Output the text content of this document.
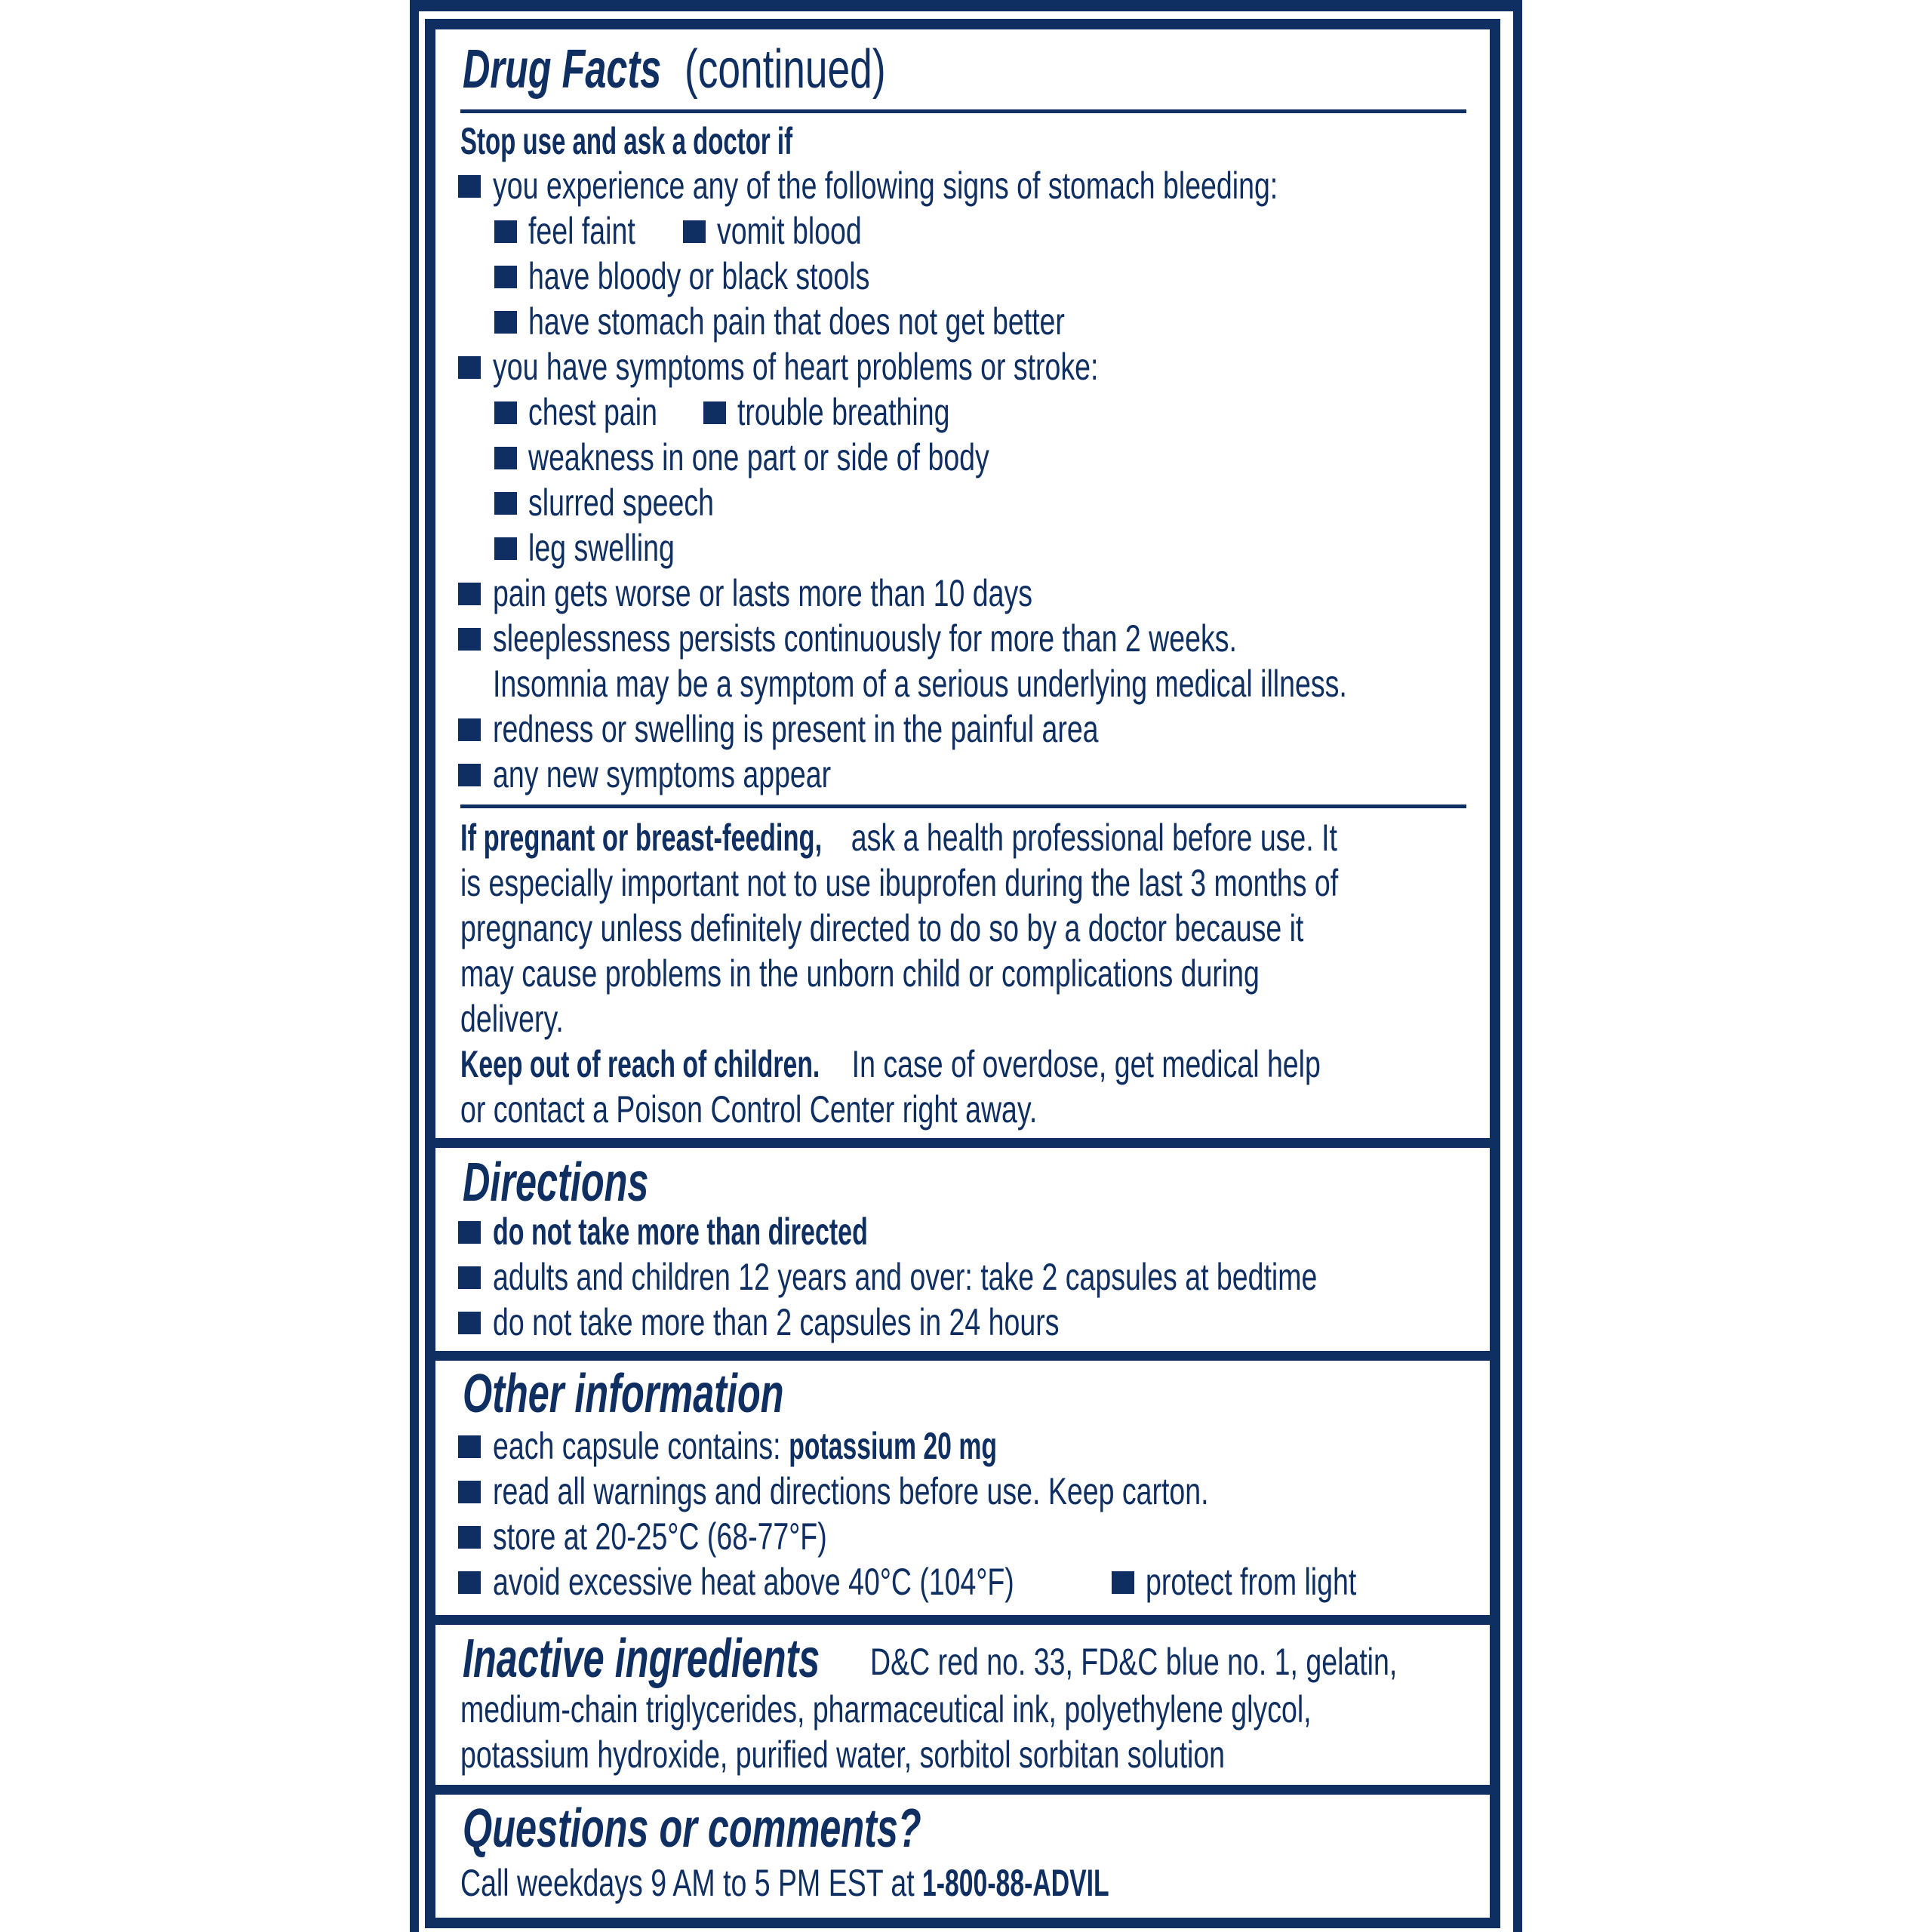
Drug Facts (continued)
Stop use and ask a doctor if
you experience any of the following signs of stomach bleeding:
feel faint vomit blood
have bloody or black stools
have stomach pain that does not get better
you have symptoms of heart problems or stroke:
chest pain trouble breathing
weakness in one part or side of body
slurred speech
leg swelling
pain gets worse or lasts more than 10 days
sleeplessness persists continuously for more than 2 weeks.
Insomnia may be a symptom of a serious underlying medical illness.
redness or swelling is present in the painful area
any new symptoms appear
If pregnant or breast-feeding, ask a health professional before use. It
is especially important not to use ibuprofen during the last 3 months of
pregnancy unless definitely directed to do so by a doctor because it
may cause problems in the unborn child or complications during
delivery.
Keep out of reach of children. In case of overdose, get medical help
or contact a Poison Control Center right away.
Directions
do not take more than directed
adults and children 12 years and over: take 2 capsules at bedtime
do not take more than 2 capsules in 24 hours
Other information
each capsule contains: potassium 20 mg
read all warnings and directions before use. Keep carton.
store at 20-25°C (68-77°F)
avoid excessive heat above 40°C (104°F)	protect from light
Inactive ingredients D&C red no. 33, FD&C blue no. 1, gelatin,
medium-chain triglycerides, pharmaceutical ink, polyethylene glycol,
potassium hydroxide, purified water, sorbitol sorbitan solution
Questions or comments?
Call weekdays 9 AM to 5 PM EST at 1-800-88-ADVIL
